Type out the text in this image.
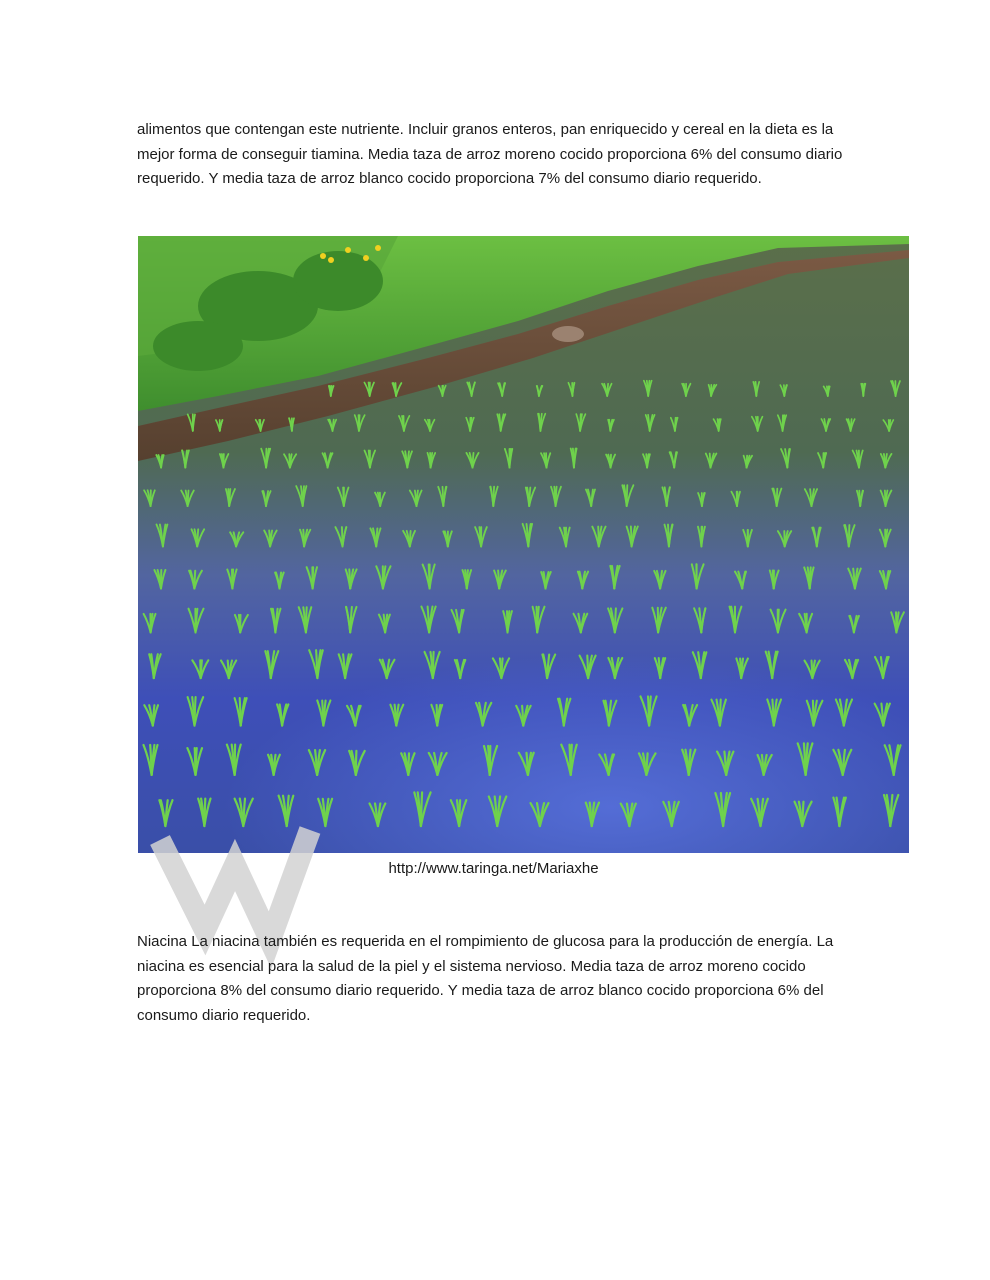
alimentos que contengan este nutriente. Incluir granos enteros, pan enriquecido y cereal en la dieta es la mejor forma de conseguir tiamina. Media taza de arroz moreno cocido proporciona 6% del consumo diario requerido. Y media taza de arroz blanco cocido proporciona 7% del consumo diario requerido.

http://www.taringa.net/Mariaxhe

Niacina La niacina también es requerida en el rompimiento de glucosa para la producción de energía. La niacina es esencial para la salud de la piel y el sistema nervioso. Media taza de arroz moreno cocido proporciona 8% del consumo diario requerido. Y media taza de arroz blanco cocido proporciona 6% del consumo diario requerido.
